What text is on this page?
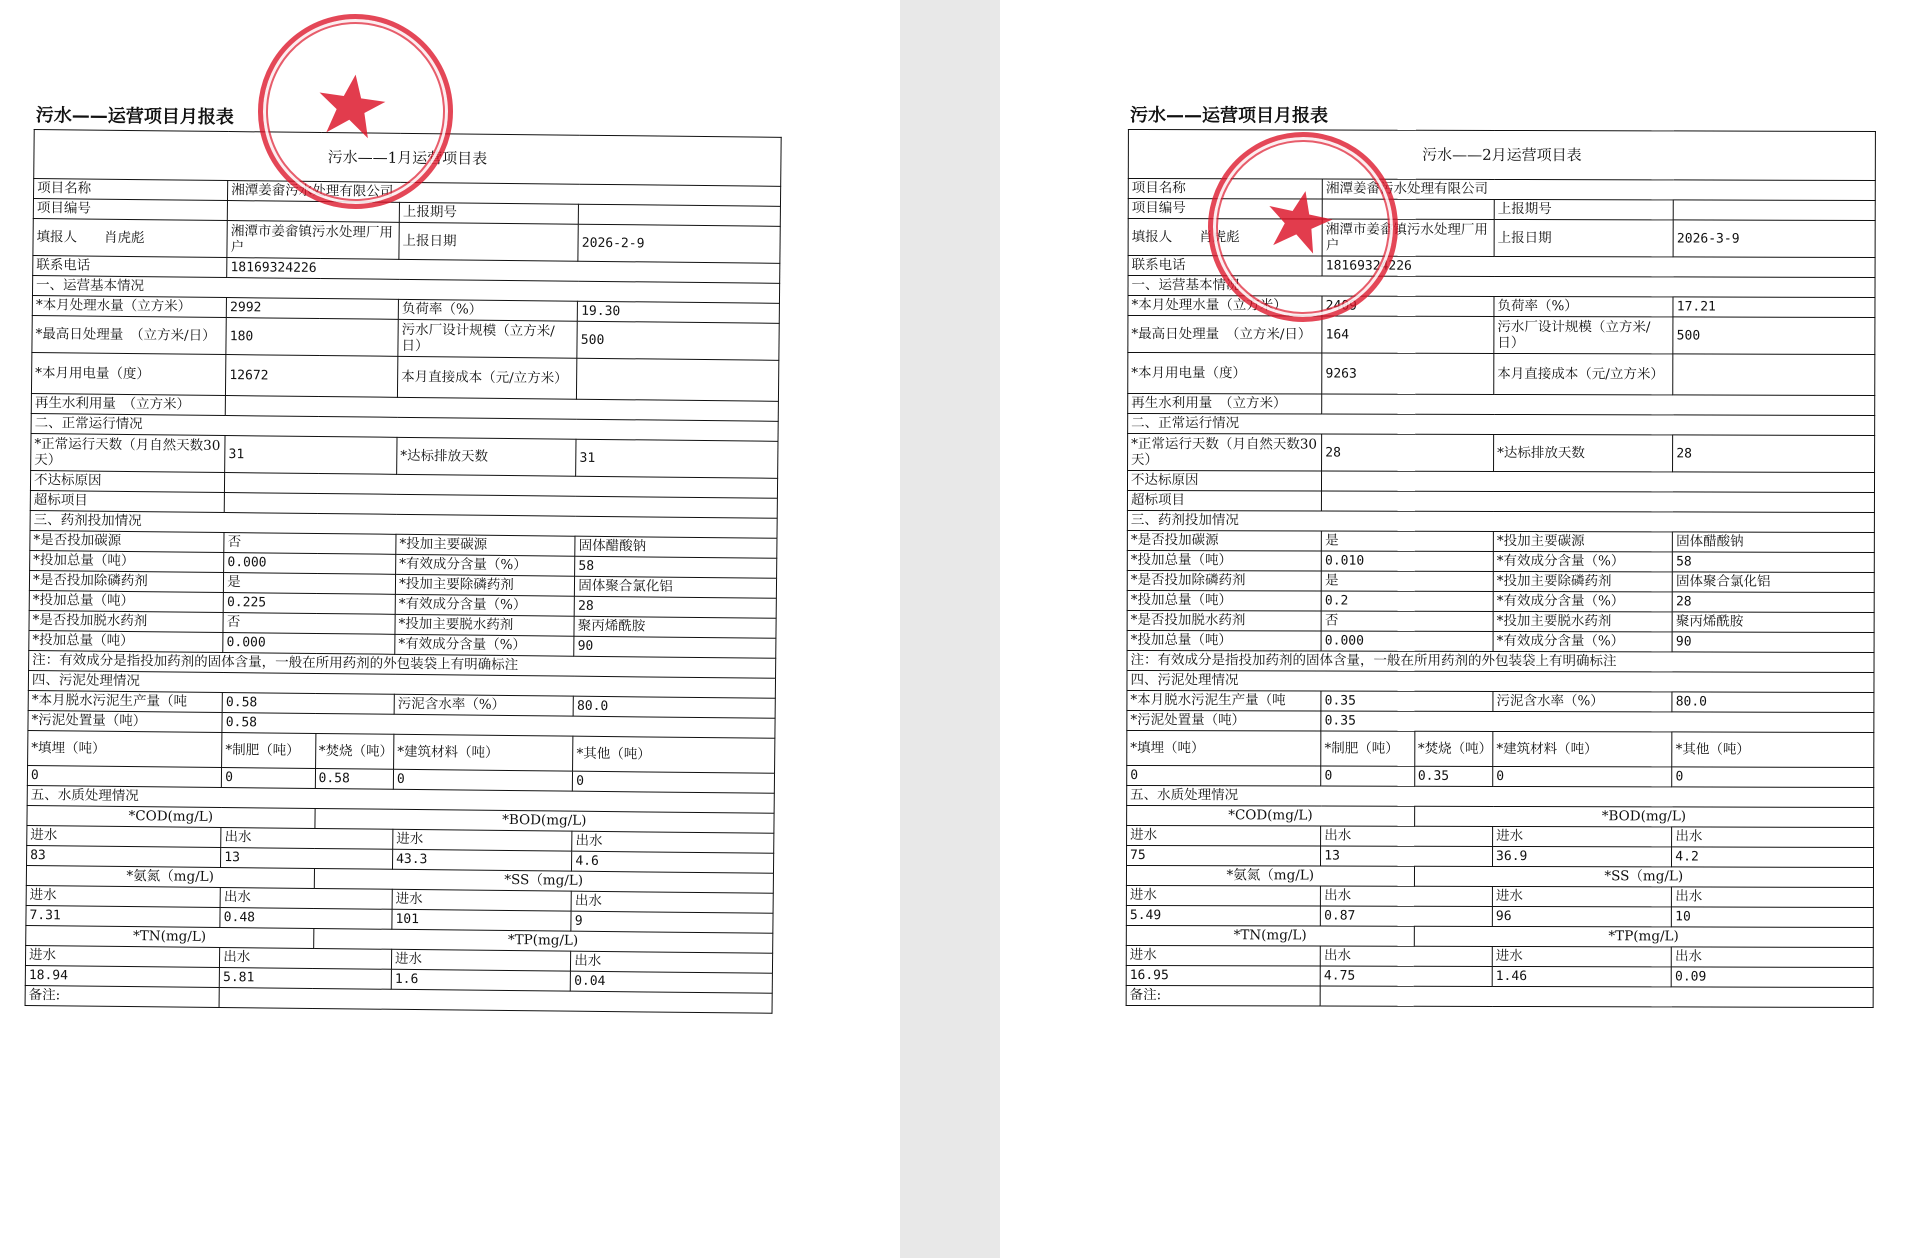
污水——运营项目月报表
污水——1月运营项目表				
项目名称	湘潭姜畲污水处理有限公司			
项目编号			上报期号	
填报人　　 肖虎彪	湘潭市姜畲镇污水处理厂用户		上报日期	2026-2-9
联系电话	18169324226			
一、运营基本情况				
*本月处理水量（立方米）	2992		负荷率（%）	19.30
*最高日处理量　（立方米/日）	180		污水厂设计规模（立方米/日）	500
*本月用电量（度）	12672		本月直接成本（元/立方米）	
再生水利用量　（立方米）				
二、正常运行情况				
*正常运行天数（月自然天数30天）	31		*达标排放天数	31
不达标原因				
超标项目				
三、药剂投加情况				
*是否投加碳源	否		*投加主要碳源	固体醋酸钠
*投加总量（吨）	0.000		*有效成分含量（%）	58
*是否投加除磷药剂	是		*投加主要除磷药剂	固体聚合氯化铝
*投加总量（吨）	0.225		*有效成分含量（%）	28
*是否投加脱水药剂	否		*投加主要脱水药剂	聚丙烯酰胺
*投加总量（吨）	0.000		*有效成分含量（%）	90
注：有效成分是指投加药剂的固体含量，一般在所用药剂的外包装袋上有明确标注				
四、污泥处理情况				
*本月脱水污泥生产量（吨	0.58		污泥含水率（%）	80.0
*污泥处置量（吨）	0.58			
*填埋（吨）	*制肥（吨）	*焚烧（吨）	*建筑材料（吨）	*其他（吨）
0	0	0.58	0	0
五、水质处理情况				
*COD(mg/L)		*BOD(mg/L)		
进水	出水		进水	出水
83	13		43.3	4.6
*氨氮（mg/L)		*SS（mg/L)		
进水	出水		进水	出水
7.31	0.48		101	9
*TN(mg/L)		*TP(mg/L)		
进水	出水		进水	出水
18.94	5.81		1.6	0.04
备注:				
污水——运营项目月报表
污水——2月运营项目表				
项目名称	湘潭姜畲污水处理有限公司			
项目编号			上报期号	
填报人　　 肖虎彪	湘潭市姜畲镇污水处理厂用户		上报日期	2026-3-9
联系电话	18169324226			
一、运营基本情况				
*本月处理水量（立方米）	2409		负荷率（%）	17.21
*最高日处理量　（立方米/日）	164		污水厂设计规模（立方米/日）	500
*本月用电量（度）	9263		本月直接成本（元/立方米）	
再生水利用量　（立方米）				
二、正常运行情况				
*正常运行天数（月自然天数30天）	28		*达标排放天数	28
不达标原因				
超标项目				
三、药剂投加情况				
*是否投加碳源	是		*投加主要碳源	固体醋酸钠
*投加总量（吨）	0.010		*有效成分含量（%）	58
*是否投加除磷药剂	是		*投加主要除磷药剂	固体聚合氯化铝
*投加总量（吨）	0.2		*有效成分含量（%）	28
*是否投加脱水药剂	否		*投加主要脱水药剂	聚丙烯酰胺
*投加总量（吨）	0.000		*有效成分含量（%）	90
注：有效成分是指投加药剂的固体含量，一般在所用药剂的外包装袋上有明确标注				
四、污泥处理情况				
*本月脱水污泥生产量（吨	0.35		污泥含水率（%）	80.0
*污泥处置量（吨）	0.35			
*填埋（吨）	*制肥（吨）	*焚烧（吨）	*建筑材料（吨）	*其他（吨）
0	0	0.35	0	0
五、水质处理情况				
*COD(mg/L)		*BOD(mg/L)		
进水	出水		进水	出水
75	13		36.9	4.2
*氨氮（mg/L)		*SS（mg/L)		
进水	出水		进水	出水
5.49	0.87		96	10
*TN(mg/L)		*TP(mg/L)		
进水	出水		进水	出水
16.95	4.75		1.46	0.09
备注:				
